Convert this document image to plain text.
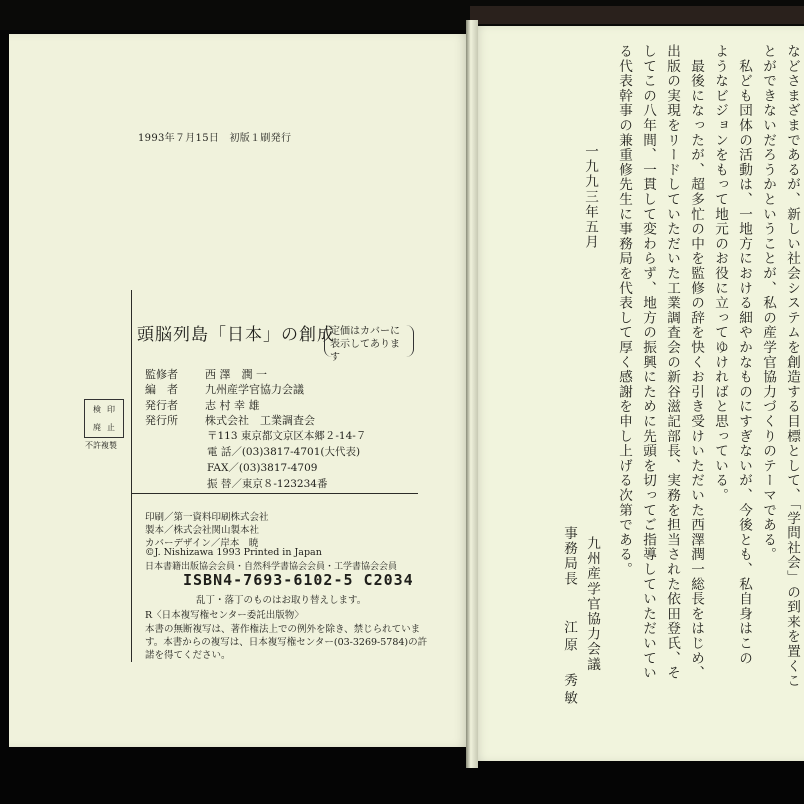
1993年７月15日　初版１刷発行
頭脳列島「日本」の創成
定価はカバーに
表示してあります
監修者 西 澤　潤 一
編　者 九州産学官協力会議
発行者 志 村 幸 雄
発行所 株式会社　工業調査会
〒113 東京都文京区本郷２-14-７
電 話／(03)3817-4701(大代表)
FAX／(03)3817-4709
振 替／東京８-123234番
検 印
廃 止
不許複製
印刷／第一資料印刷株式会社
製本／株式会社関山製本社
カバーデザイン／岸本　暁
©J. Nishizawa 1993 Printed in Japan
日本書籍出版協会会員・自然科学書協会会員・工学書協会会員
ISBN4-7693-6102-5 C2034
乱丁・落丁のものはお取り替えします。
R〈日本複写権センター委託出版物〉
本書の無断複写は、著作権法上での例外を除き、禁じられていま
す。本書からの複写は、日本複写権センター(03-3269-5784)の許
諾を得てください。	などさまざまであるが、新しい社会システムを創造する目標として、「学問社会」の到来を置くこ
とができないだろうかということが、私の産学官協力づくりのテーマである。
　私ども団体の活動は、一地方における細やかなものにすぎないが、今後とも、私自身はこの
ようなビジョンをもって地元のお役に立ってゆければと思っている。
　最後になったが、超多忙の中を監修の辞を快くお引き受けいただいた西澤潤一総長をはじめ、
出版の実現をリードしていただいた工業調査会の新谷滋記部長、実務を担当された依田登氏、そ
してこの八年間、一貫して変わらず、地方の振興にために先頭を切ってご指導していただいてい
る代表幹事の兼重修先生に事務局を代表して厚く感謝を申し上げる次第である。
一九九三年五月
九州産学官協力会議
事務局長
江原　秀敏
